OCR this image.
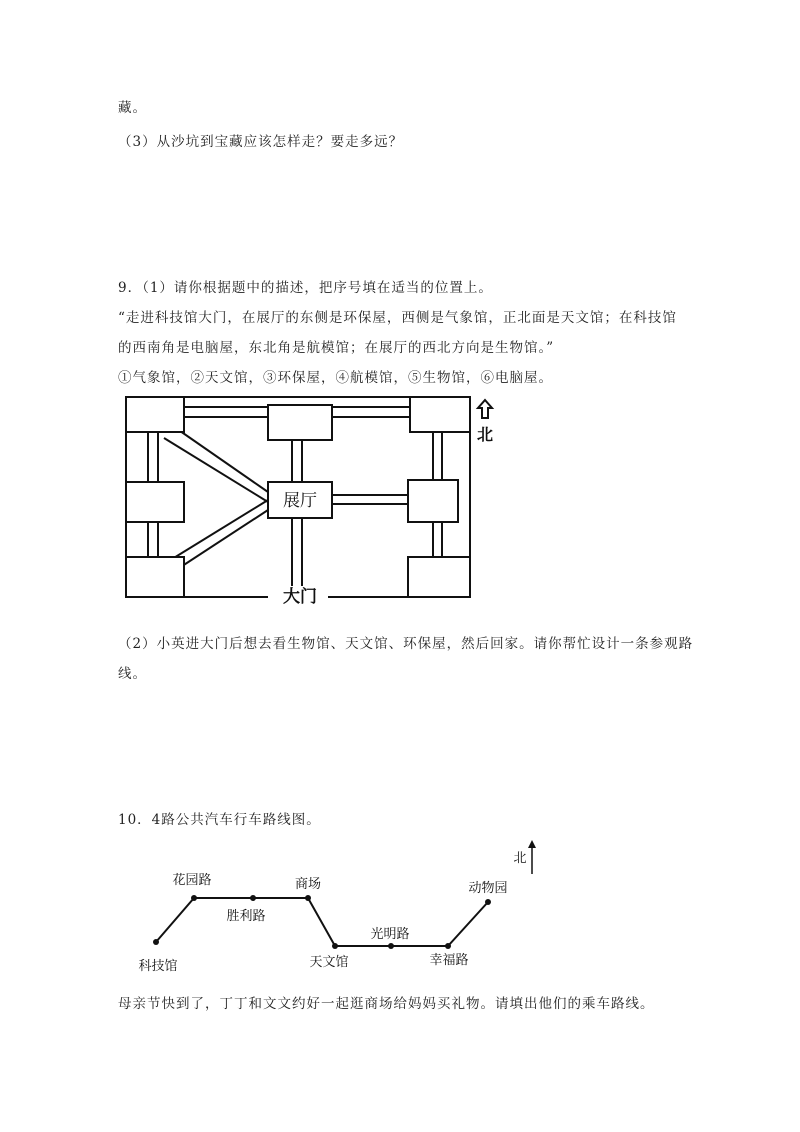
藏。
（3）从沙坑到宝藏应该怎样走？要走多远？
9．（1）请你根据题中的描述，把序号填在适当的位置上。
“走进科技馆大门，在展厅的东侧是环保屋，西侧是气象馆，正北面是天文馆；在科技馆
的西南角是电脑屋，东北角是航模馆；在展厅的西北方向是生物馆。”
①气象馆，②天文馆，③环保屋，④航模馆，⑤生物馆，⑥电脑屋。
展厅
大门
北
（2）小英进大门后想去看生物馆、天文馆、环保屋，然后回家。请你帮忙设计一条参观路
线。
10．4路公共汽车行车路线图。
科技馆
花园路
胜利路
商场
天文馆
光明路
幸福路
动物园
北
母亲节快到了，丁丁和文文约好一起逛商场给妈妈买礼物。请填出他们的乘车路线。
